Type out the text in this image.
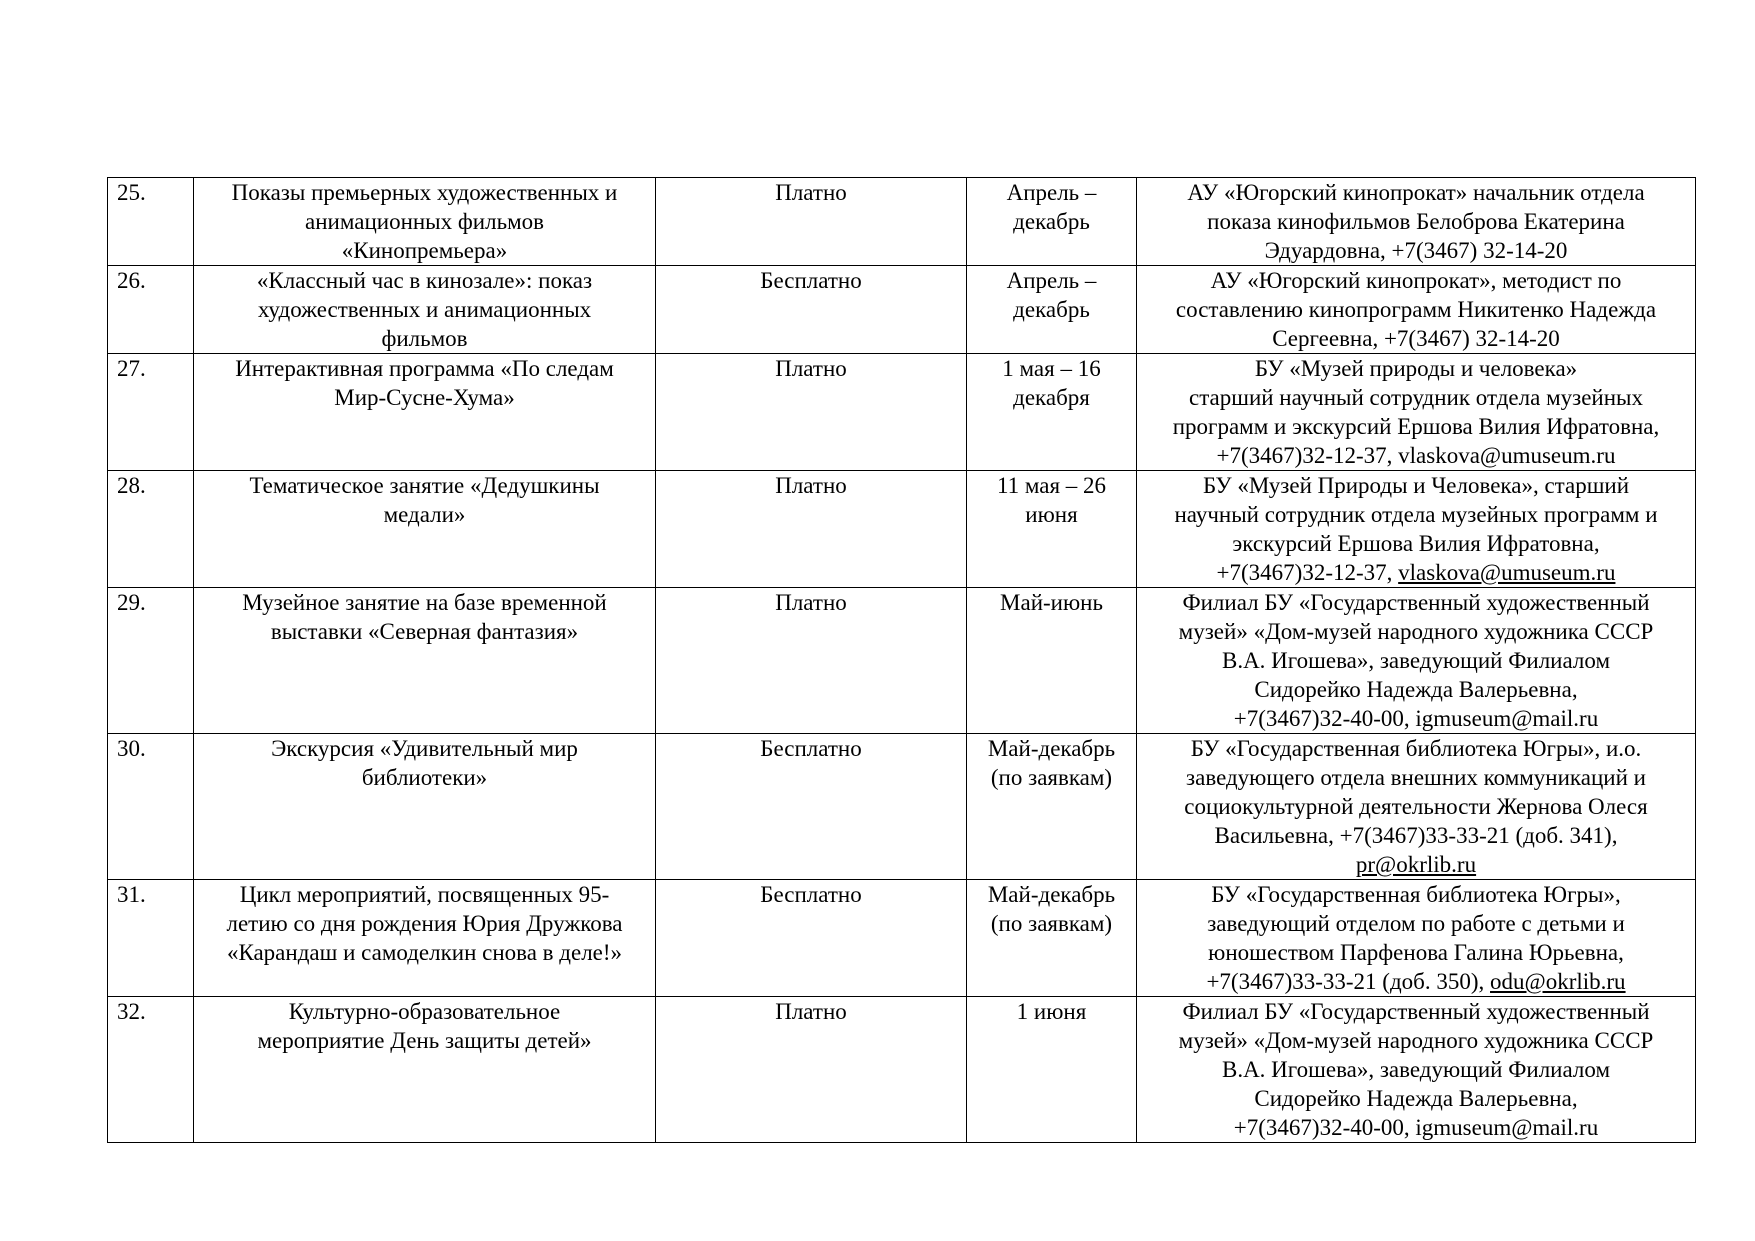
25.	Показы премьерных художественных и
анимационных фильмов
«Кинопремьера»	Платно	Апрель –
декабрь	АУ «Югорский кинопрокат» начальник отдела
показа кинофильмов Белоброва Екатерина
Эдуардовна, +7(3467) 32-14-20

26.	«Классный час в кинозале»: показ
художественных и анимационных
фильмов	Бесплатно	Апрель –
декабрь	АУ «Югорский кинопрокат», методист по
составлению кинопрограмм Никитенко Надежда
Сергеевна, +7(3467) 32-14-20

27.	Интерактивная программа «По следам
Мир-Сусне-Хума»	Платно	1 мая – 16
декабря	БУ «Музей природы и человека»
старший научный сотрудник отдела музейных
программ и экскурсий Ершова Вилия Ифратовна,
+7(3467)32-12-37, vlaskova@umuseum.ru

28.	Тематическое занятие «Дедушкины
медали»	Платно	11 мая – 26
июня	БУ «Музей Природы и Человека», старший
научный сотрудник отдела музейных программ и
экскурсий Ершова Вилия Ифратовна,
+7(3467)32-12-37, vlaskova@umuseum.ru

29.	Музейное занятие на базе временной
выставки «Северная фантазия»	Платно	Май-июнь	Филиал БУ «Государственный художественный
музей» «Дом-музей народного художника СССР
В.А. Игошева», заведующий Филиалом
Сидорейко Надежда Валерьевна,
+7(3467)32-40-00, igmuseum@mail.ru

30.	Экскурсия «Удивительный мир
библиотеки»	Бесплатно	Май-декабрь
(по заявкам)	БУ «Государственная библиотека Югры», и.о.
заведующего отдела внешних коммуникаций и
социокультурной деятельности Жернова Олеся
Васильевна, +7(3467)33-33-21 (доб. 341),
pr@okrlib.ru

31.	Цикл мероприятий, посвященных 95-
летию со дня рождения Юрия Дружкова
«Карандаш и самоделкин снова в деле!»	Бесплатно	Май-декабрь
(по заявкам)	БУ «Государственная библиотека Югры»,
заведующий отделом по работе с детьми и
юношеством Парфенова Галина Юрьевна,
+7(3467)33-33-21 (доб. 350), odu@okrlib.ru

32.	Культурно-образовательное
мероприятие День защиты детей»	Платно	1 июня	Филиал БУ «Государственный художественный
музей» «Дом-музей народного художника СССР
В.А. Игошева», заведующий Филиалом
Сидорейко Надежда Валерьевна,
+7(3467)32-40-00, igmuseum@mail.ru
